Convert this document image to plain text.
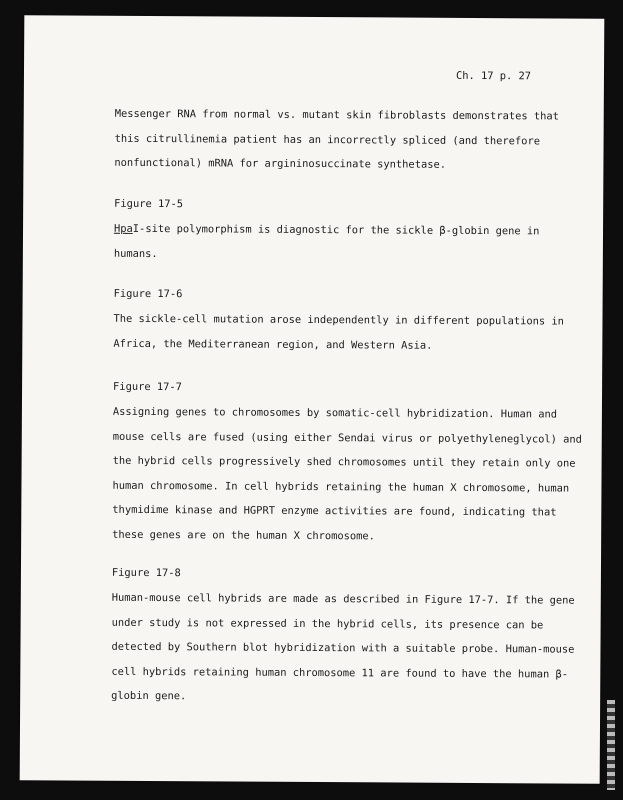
Ch. 17 p. 27
Messenger RNA from normal vs. mutant skin fibroblasts demonstrates that
this citrullinemia patient has an incorrectly spliced (and therefore
nonfunctional) mRNA for argininosuccinate synthetase.
Figure 17-5
HpaI-site polymorphism is diagnostic for the sickle β-globin gene in
humans.
Figure 17-6
The sickle-cell mutation arose independently in different populations in
Africa, the Mediterranean region, and Western Asia.
Figure 17-7
Assigning genes to chromosomes by somatic-cell hybridization. Human and
mouse cells are fused (using either Sendai virus or polyethyleneglycol) and
the hybrid cells progressively shed chromosomes until they retain only one
human chromosome. In cell hybrids retaining the human X chromosome, human
thymidime kinase and HGPRT enzyme activities are found, indicating that
these genes are on the human X chromosome.
Figure 17-8
Human-mouse cell hybrids are made as described in Figure 17-7. If the gene
under study is not expressed in the hybrid cells, its presence can be
detected by Southern blot hybridization with a suitable probe. Human-mouse
cell hybrids retaining human chromosome 11 are found to have the human β-
globin gene.
